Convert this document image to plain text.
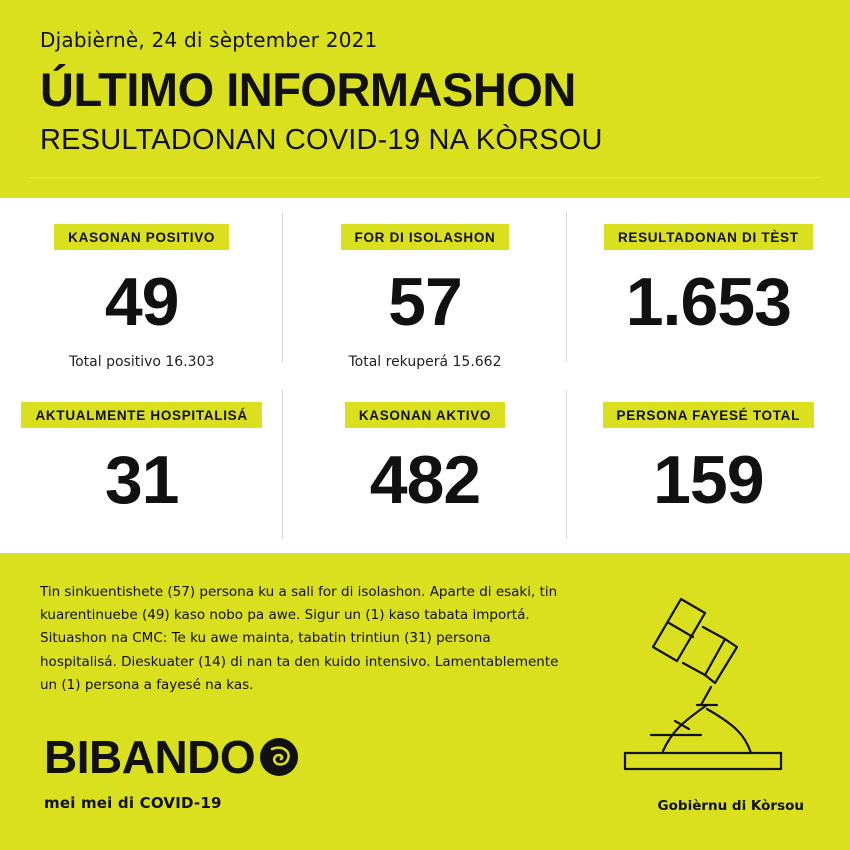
Djabièrnè, 24 di sèptember 2021
ÚLTIMO INFORMASHON
RESULTADONAN COVID-19 NA KÒRSOU
KASONAN POSITIVO
49
Total positivo 16.303
FOR DI ISOLASHON
57
Total rekuperá 15.662
RESULTADONAN DI TÈST
1.653
AKTUALMENTE HOSPITALISÁ
31
KASONAN AKTIVO
482
PERSONA FAYESÉ TOTAL
159

Tin sinkuentishete (57) persona ku a sali for di isolashon. Aparte di esaki, tin kuarentinuebe (49) kaso nobo pa awe. Sigur un (1) kaso tabata importá. Situashon na CMC: Te ku awe mainta, tabatin trintiun (31) persona hospitalisá. Dieskuater (14) di nan ta den kuido intensivo. Lamentablemente un (1) persona a fayesé na kas.

BIBANDO
mei mei di COVID-19	Gobièrnu di Kòrsou
